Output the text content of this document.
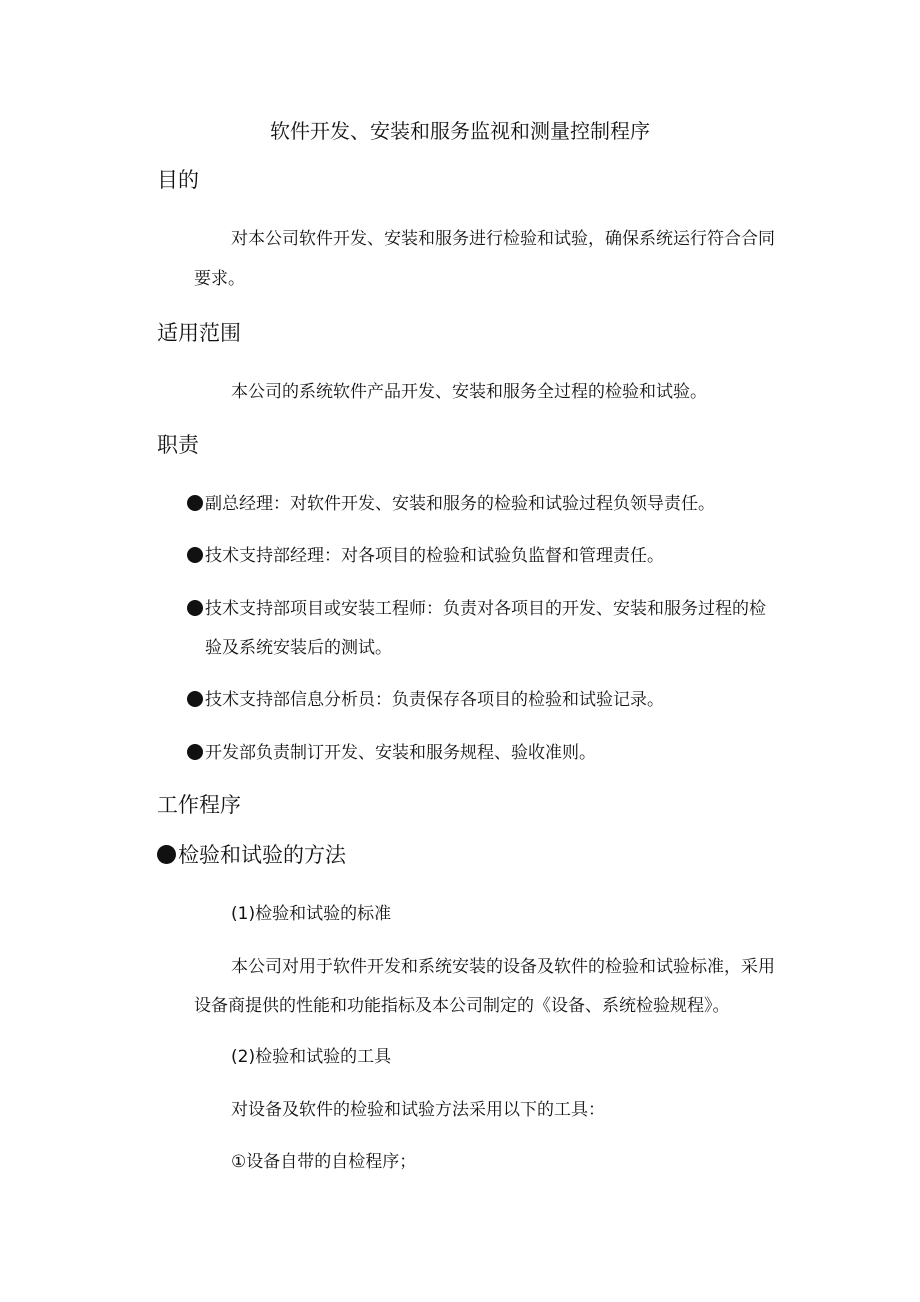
软件开发、安装和服务监视和测量控制程序

目的

对本公司软件开发、安装和服务进行检验和试验，确保系统运行符合合同

要求。

适用范围

本公司的系统软件产品开发、安装和服务全过程的检验和试验。

职责

副总经理：对软件开发、安装和服务的检验和试验过程负领导责任。

技术支持部经理：对各项目的检验和试验负监督和管理责任。

技术支持部项目或安装工程师：负责对各项目的开发、安装和服务过程的检

验及系统安装后的测试。

技术支持部信息分析员：负责保存各项目的检验和试验记录。

开发部负责制订开发、安装和服务规程、验收准则。

工作程序

检验和试验的方法

(1)检验和试验的标准

本公司对用于软件开发和系统安装的设备及软件的检验和试验标准，采用

设备商提供的性能和功能指标及本公司制定的《设备、系统检验规程》。

(2)检验和试验的工具

对设备及软件的检验和试验方法采用以下的工具：

①设备自带的自检程序；
